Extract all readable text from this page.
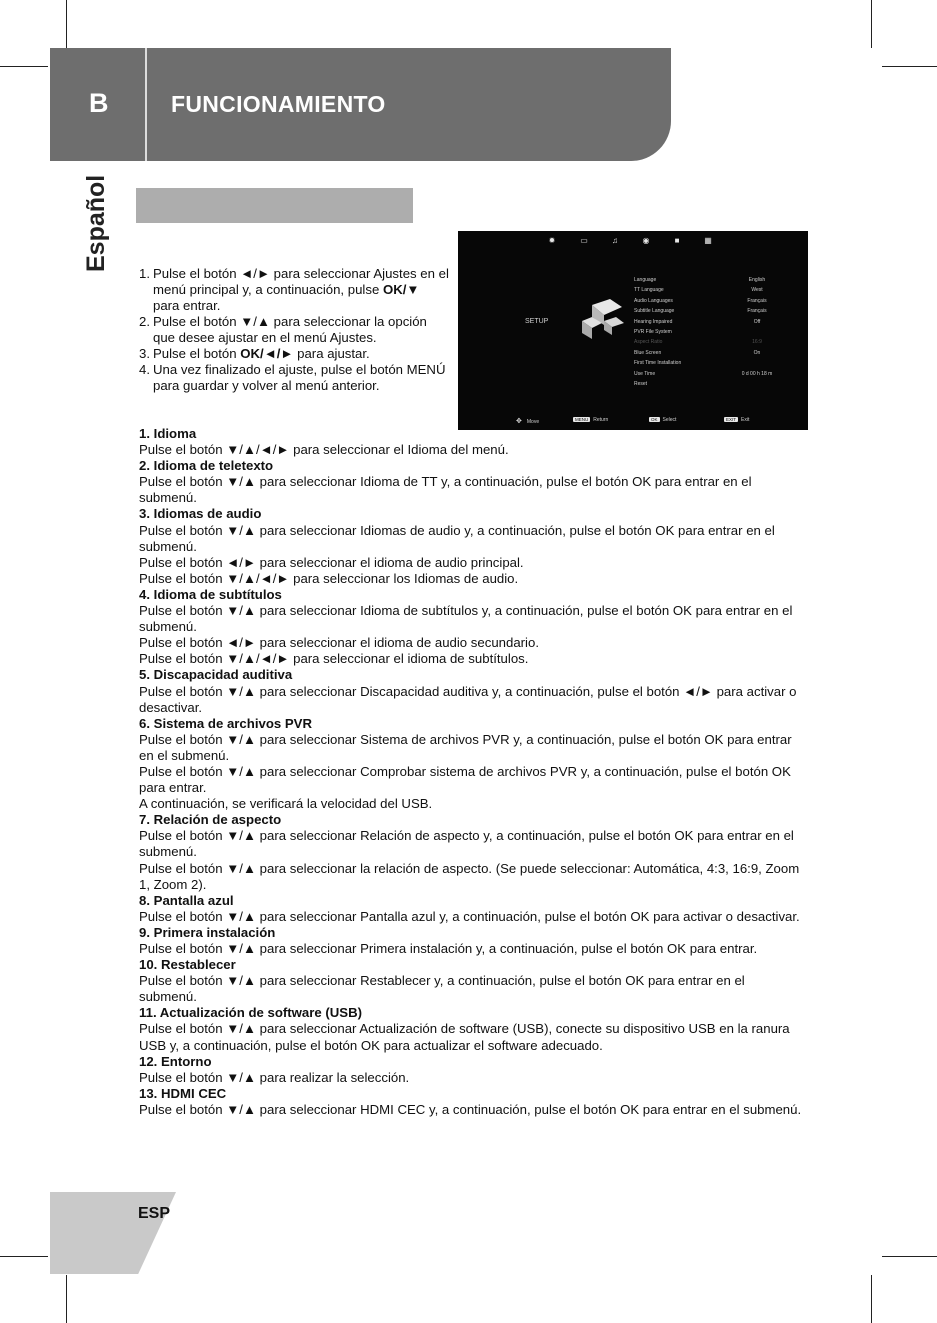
B	FUNCIONAMIENTO
Español
1. Pulse el botón ◄/► para seleccionar Ajustes en el menú principal y, a continuación, pulse OK/▼ para entrar.
2. Pulse el botón ▼/▲ para seleccionar la opción que desee ajustar en el menú Ajustes.
3. Pulse el botón OK/◄/► para ajustar.
4. Una vez finalizado el ajuste, pulse el botón MENÚ para guardar y volver al menú anterior.
✹	▭	♫	◉	■	▦
SETUP
Language	English
TT Language	West
Audio Languages	Français
Subtitle Language	Français
Hearing Impaired	Off
PVR File System
Aspect Ratio	16:9
Blue Screen	On
First Time Installation
Use Time	0 d 00 h 18 m
Reset
✥ Move	MENU Return	OK Select	EXIT Exit
1. Idioma
Pulse el botón ▼/▲/◄/► para seleccionar el Idioma del menú.
2. Idioma de teletexto
Pulse el botón ▼/▲ para seleccionar Idioma de TT y, a continuación, pulse el botón OK para entrar en el submenú.
3. Idiomas de audio
Pulse el botón ▼/▲ para seleccionar Idiomas de audio y, a continuación, pulse el botón OK para entrar en el submenú.
Pulse el botón ◄/► para seleccionar el idioma de audio principal.
Pulse el botón ▼/▲/◄/► para seleccionar los Idiomas de audio.
4. Idioma de subtítulos
Pulse el botón ▼/▲ para seleccionar Idioma de subtítulos y, a continuación, pulse el botón OK para entrar en el submenú.
Pulse el botón ◄/► para seleccionar el idioma de audio secundario.
Pulse el botón ▼/▲/◄/► para seleccionar el idioma de subtítulos.
5. Discapacidad auditiva
Pulse el botón ▼/▲ para seleccionar Discapacidad auditiva y, a continuación, pulse el botón ◄/► para activar o desactivar.
6. Sistema de archivos PVR
Pulse el botón ▼/▲ para seleccionar Sistema de archivos PVR y, a continuación, pulse el botón OK para entrar en el submenú.
Pulse el botón ▼/▲ para seleccionar Comprobar sistema de archivos PVR y, a continuación, pulse el botón OK para entrar.
A continuación, se verificará la velocidad del USB.
7. Relación de aspecto
Pulse el botón ▼/▲ para seleccionar Relación de aspecto y, a continuación, pulse el botón OK para entrar en el submenú.
Pulse el botón ▼/▲ para seleccionar la relación de aspecto. (Se puede seleccionar: Automática, 4:3, 16:9, Zoom 1, Zoom 2).
8. Pantalla azul
Pulse el botón ▼/▲ para seleccionar Pantalla azul y, a continuación, pulse el botón OK para activar o desactivar.
9. Primera instalación
Pulse el botón ▼/▲ para seleccionar Primera instalación y, a continuación, pulse el botón OK para entrar.
10. Restablecer
Pulse el botón ▼/▲ para seleccionar Restablecer y, a continuación, pulse el botón OK para entrar en el submenú.
11. Actualización de software (USB)
Pulse el botón ▼/▲ para seleccionar Actualización de software (USB), conecte su dispositivo USB en la ranura USB y, a continuación, pulse el botón OK para actualizar el software adecuado.
12. Entorno
Pulse el botón ▼/▲ para realizar la selección.
13. HDMI CEC
Pulse el botón ▼/▲ para seleccionar HDMI CEC y, a continuación, pulse el botón OK para entrar en el submenú.
ESP
